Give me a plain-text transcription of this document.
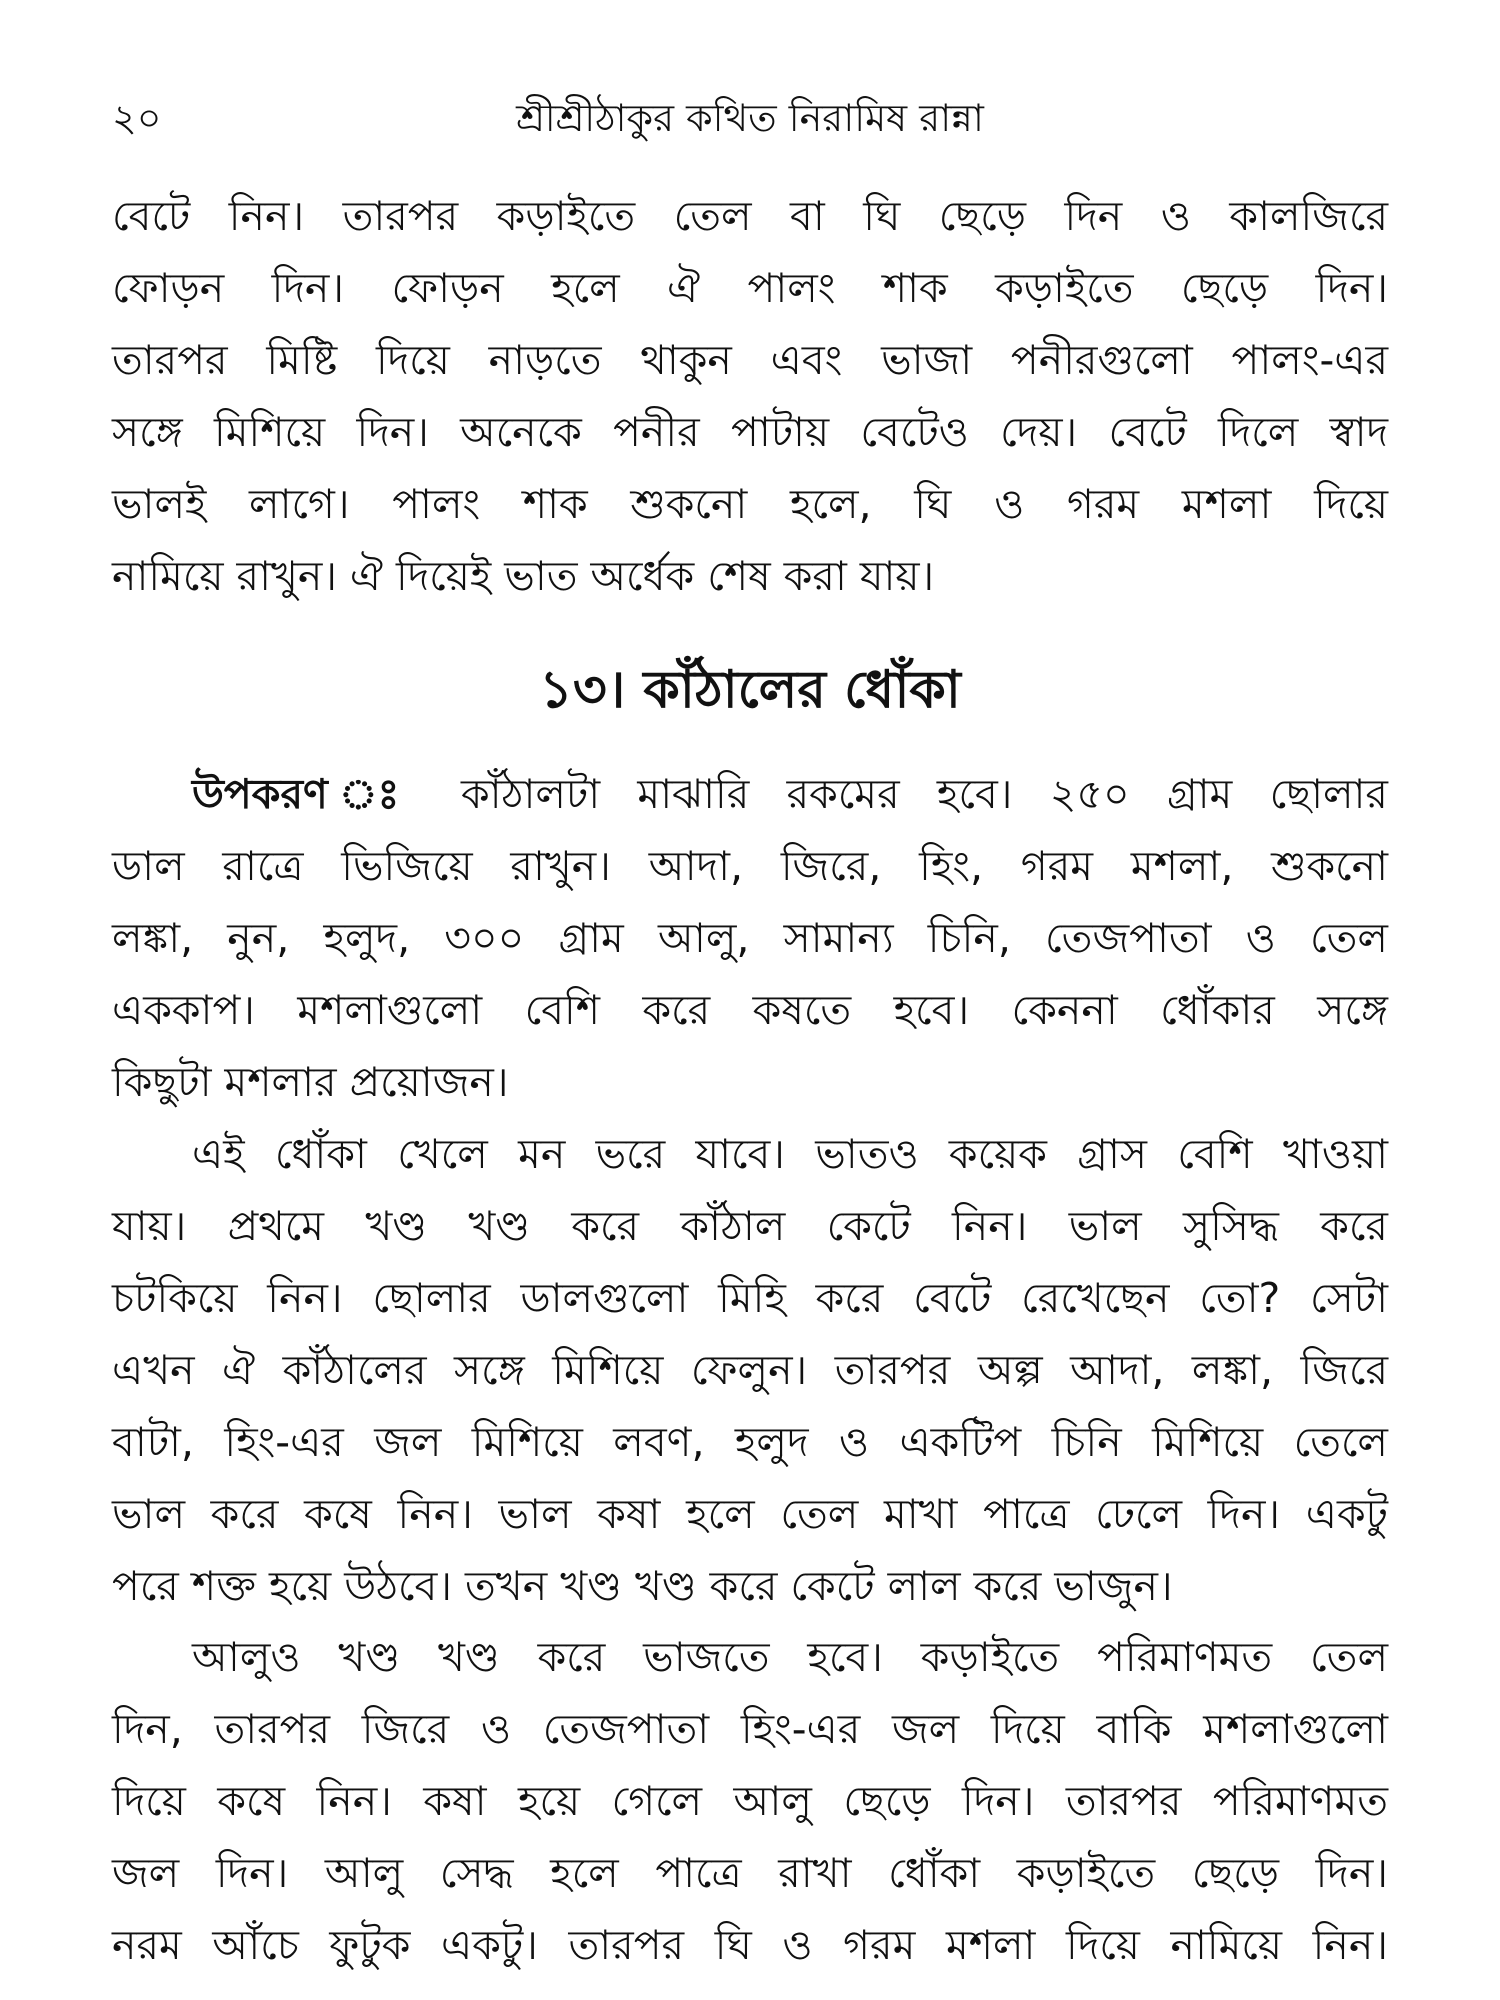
২০	শ্রীশ্রীঠাকুর কথিত নিরামিষ রান্না
বেটে নিন। তারপর কড়াইতে তেল বা ঘি ছেড়ে দিন ও কালজিরে
ফোড়ন দিন। ফোড়ন হলে ঐ পালং শাক কড়াইতে ছেড়ে দিন।
তারপর মিষ্টি দিয়ে নাড়তে থাকুন এবং ভাজা পনীরগুলো পালং-এর
সঙ্গে মিশিয়ে দিন। অনেকে পনীর পাটায় বেটেও দেয়। বেটে দিলে স্বাদ
ভালই লাগে। পালং শাক শুকনো হলে, ঘি ও গরম মশলা দিয়ে
নামিয়ে রাখুন। ঐ দিয়েই ভাত অর্ধেক শেষ করা যায়।
১৩। কাঁঠালের ধোঁকা
উপকরণ ঃ কাঁঠালটা মাঝারি রকমের হবে। ২৫০ গ্রাম ছোলার
ডাল রাত্রে ভিজিয়ে রাখুন। আদা, জিরে, হিং, গরম মশলা, শুকনো
লঙ্কা, নুন, হলুদ, ৩০০ গ্রাম আলু, সামান্য চিনি, তেজপাতা ও তেল
এককাপ। মশলাগুলো বেশি করে কষতে হবে। কেননা ধোঁকার সঙ্গে
কিছুটা মশলার প্রয়োজন।
এই ধোঁকা খেলে মন ভরে যাবে। ভাতও কয়েক গ্রাস বেশি খাওয়া
যায়। প্রথমে খণ্ড খণ্ড করে কাঁঠাল কেটে নিন। ভাল সুসিদ্ধ করে
চটকিয়ে নিন। ছোলার ডালগুলো মিহি করে বেটে রেখেছেন তো? সেটা
এখন ঐ কাঁঠালের সঙ্গে মিশিয়ে ফেলুন। তারপর অল্প আদা, লঙ্কা, জিরে
বাটা, হিং-এর জল মিশিয়ে লবণ, হলুদ ও একটিপ চিনি মিশিয়ে তেলে
ভাল করে কষে নিন। ভাল কষা হলে তেল মাখা পাত্রে ঢেলে দিন। একটু
পরে শক্ত হয়ে উঠবে। তখন খণ্ড খণ্ড করে কেটে লাল করে ভাজুন।
আলুও খণ্ড খণ্ড করে ভাজতে হবে। কড়াইতে পরিমাণমত তেল
দিন, তারপর জিরে ও তেজপাতা হিং-এর জল দিয়ে বাকি মশলাগুলো
দিয়ে কষে নিন। কষা হয়ে গেলে আলু ছেড়ে দিন। তারপর পরিমাণমত
জল দিন। আলু সেদ্ধ হলে পাত্রে রাখা ধোঁকা কড়াইতে ছেড়ে দিন।
নরম আঁচে ফুটুক একটু। তারপর ঘি ও গরম মশলা দিয়ে নামিয়ে নিন।
